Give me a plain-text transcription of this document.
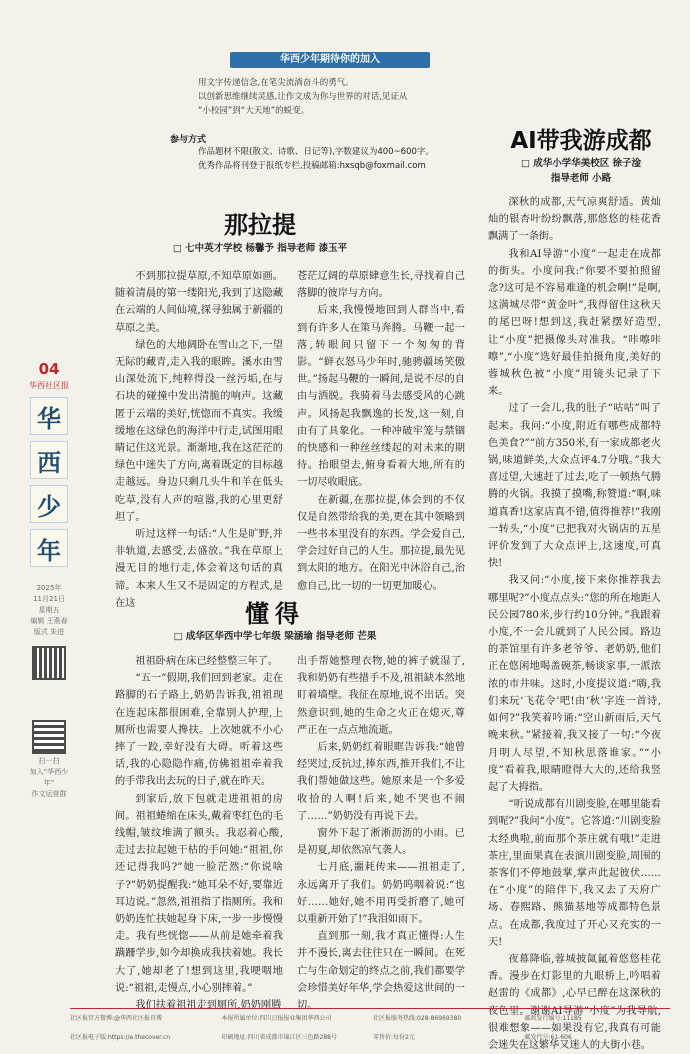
04
华西社区报
华
西
少
年
2025年
11月21日
星期五
编辑 王燕春
版式 朱进
扫一扫
加入“华西少年”
作文运营群
华西少年期待你的加入
用文字传递信念,在笔尖流淌奋斗的勇气。
以创新思维继续灵感,让作文成为你与世界的对话,见证从
“小校园”到“大天地”的蜕变。
参与方式
作品题材不限(散文、诗歌、日记等),字数建议为400~600字。
优秀作品将刊登于报纸专栏,投稿邮箱:hxsqb@foxmail.com
那拉提
□ 七中英才学校 杨馨予 指导老师 漆玉平

不到那拉提草原,不知草原如画。随着清晨的第一缕阳光,我到了这隐藏在云端的人间仙境,探寻独属于新疆的草原之美。

绿色的大地阔卧在雪山之下,一望无际的藏青,走入我的眼眸。溪水由雪山深处流下,纯粹得没一丝污垢,在与石块的碰撞中发出清脆的响声。这藏匿于云端的美好,恍惚而不真实。我缓缓地在这绿色的海洋中行走,试图用眼睛记住这光景。渐渐地,我在这茫茫的绿色中迷失了方向,离着既定的目标越走越远。身边只剩几头牛和羊在低头吃草,没有人声的喧嚣,我的心里更舒坦了。

听过这样一句话:“人生是旷野,并非轨道,去感受,去盛放。”我在草原上漫无目的地行走,体会着这句话的真谛。本来人生又不是固定的方程式,是在这

苍茫辽阔的草原肆意生长,寻找着自己落脚的彼岸与方向。

后来,我慢慢地回到人群当中,看到有许多人在策马奔腾。马鞭一起一落,转眼间只留下一个匆匆的背影。“鲜衣怒马少年时,驰骋疆场笑傲世。”扬起马鞭的一瞬间,是说不尽的自由与洒脱。我骑着马去感受风的心跳声。风扬起我飘逸的长发,这一刻,自由有了具象化。一种冲破牢笼与禁锢的快感和一种丝丝缕起的对未来的期待。抬眼望去,俯身看着大地,所有的一切尽收眼底。

在新疆,在那拉提,体会到的不仅仅是自然带给我的美,更在其中领略到一些书本里没有的东西。学会爱自己,学会过好自己的人生。那拉提,最先见到太阳的地方。在阳光中沐浴自己,治愈自己,比一切的一切更加暖心。

AI带我游成都
□ 成华小学华美校区 徐子淦
指导老师 小路

深秋的成都,天气凉爽舒适。黄灿灿的银杏叶纷纷飘落,那悠悠的桂花香飘满了一条街。

我和AI导游“小度”一起走在成都的街头。小度问我:“你要不要拍照留念?这可是不容易难逢的机会啊!”是啊,这满城尽带“黄金叶”,我得留住这秋天的尾巴呀!想到这,我赶紧摆好造型,让“小度”把摄像头对准我。“咔嚓咔嚓”,“小度”选好最佳拍摄角度,美好的蓉城秋色被“小度”用镜头记录了下来。

过了一会儿,我的肚子“咕咕”叫了起来。我问:“小度,附近有哪些成都特色美食?”“前方350米,有一家成都老火锅,味道鲜美,大众点评4.7分哦。”我大喜过望,大速赶了过去,吃了一顿热气腾腾的火锅。我摸了摸嘴,称赞道:“啊,味道真香!这家店真不错,值得推荐!”我刚一转头,“小度”已把我对火锅店的五星评价发到了大众点评上,这速度,可真快!

我又问:“小度,接下来你推荐我去哪里呢?”小度点点头:“您的所在地距人民公园780米,步行约10分钟。”我跟着小度,不一会儿就到了人民公园。路边的茶馆里有许多老爷爷、老奶奶,他们正在悠闲地喝盖碗茶,畅谈家事,一派浓浓的市井味。这时,小度提议道:“嗨,我们来玩‘飞花令’吧!由‘秋’字连一首诗,如何?”我笑着吟诵:“空山新雨后,天气晚来秋。”紧接着,我又接了一句:“今夜月明人尽望,不知秋思落谁家。”“小度”看着我,眼睛瞪得大大的,还给我竖起了大拇指。

“听说成都有川剧变脸,在哪里能看到呢?”我问“小度”。它答道:“川剧变脸太经典啦,前面那个茶庄就有哦!”走进茶庄,里面果真在表演川剧变脸,周围的茶客们不停地鼓掌,掌声此起彼伏……在“小度”的陪伴下,我又去了天府广场、春熙路、熊猫基地等成都特色景点。在成都,我度过了开心又充实的一天!

夜幕降临,蓉城披氤氲着悠悠桂花香。漫步在灯影里的九眼桥上,吟唱着赵雷的《成都》,心早已醉在这深秋的夜色里。谢谢AI导游“小度”为我导航,很难想象——如果没有它,我真有可能会迷失在这繁华又迷人的大街小巷。

懂得
□ 成华区华西中学七年级 梁涵瑜 指导老师 芒果

祖祖卧病在床已经整整三年了。

“五一”假期,我们回到老家。走在路脚的石子路上,奶奶告诉我,祖祖现在连起床都很困难,全靠别人护理,上厕所也需要人搀扶。上次她就不小心摔了一跤,幸好没有大碍。听着这些话,我的心隐隐作痛,仿佛祖祖牵着我的手带我出去玩的日子,就在昨天。

到家后,放下包就走进祖祖的房间。祖祖蜷缩在床头,戴着枣红色的毛线帽,皱纹堆满了额头。我忍着心酸,走过去拉起她干枯的手问她:“祖祖,你还记得我吗?”她一脸茫然:“你说啥子?”奶奶提醒我:“她耳朵不好,要靠近耳边说。”忽然,祖祖指了指厕所。我和奶奶连忙扶她起身下床,一步一步慢慢走。我有些恍惚——从前是她牵着我蹒跚学步,如今却换成我扶着她。我长大了,她却老了!想到这里,我哽咽地说:“祖祖,走慢点,小心别摔着。”

我们扶着祖祖走到厕所,奶奶刚腾

出手帮她整理衣物,她的裤子就湿了,我和奶奶有些措手不及,祖祖缺本然地盯着墙壁。我征在原地,说不出话。突然意识到,她的生命之火正在熄灭,尊严正在一点点地流逝。

后来,奶奶红着眼眶告诉我:“她曾经哭过,反抗过,捧东西,推开我们,不让我们帮她做这些。她原来是一个多爱收拾的人啊!后来,她不哭也不闹了……”奶奶没有再说下去。

窗外下起了淅淅沥沥的小雨。已是初夏,却依然凉气袭人。

七月底,噩耗传来——祖祖走了,永远离开了我们。奶奶呜咽着说:“也好……她好,她不用再受折磨了,她可以重新开始了!”我泪如雨下。

直到那一刻,我才真正懂得:人生并不漫长,离去往往只在一瞬间。在死亡与生命划定的终点之前,我们都要学会珍惜美好年华,学会热爱这世间的一切。

社区报官方微博:@华西社区报官博	本报所属单位:四川日报报业集团华西公司	社区报服务热线:028-86969380	邮政发行编号:11185
社区报电子版:https://e.thecover.cn	印刷地址:四川省成都市锦江区三色路288号	零售价:每份2元	邮发代号:61-606
